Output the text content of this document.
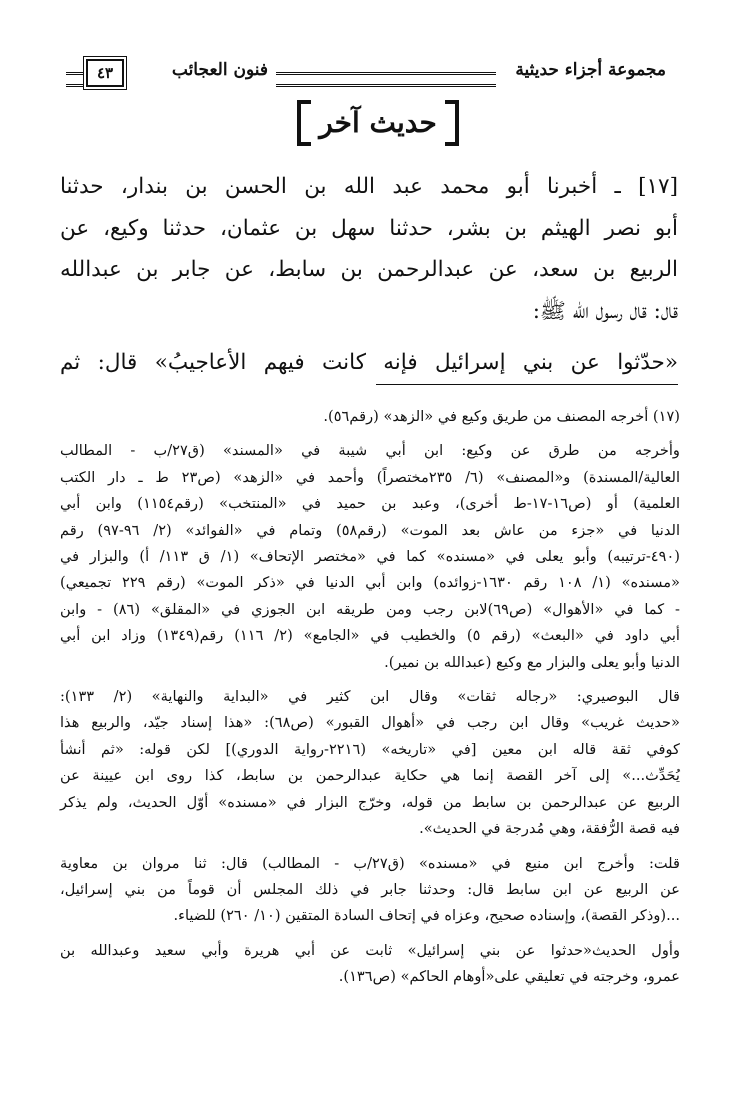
مجموعة أجزاء حديثية
فنون العجائب
٤٣
حديث آخر
[١٧] ـ أخبرنا أبو محمد عبد الله بن الحسن بن بندار، حدثنا
أبو نصر الهيثم بن بشر، حدثنا سهل بن عثمان، حدثنا وكيع، عن
الربيع بن سعد، عن عبدالرحمن بن سابط، عن جابر بن عبدالله
قال: قال رسول الله ﷺ:
«حدّثوا عن بني إسرائيل فإنه كانت فيهم الأعاجيبُ» قال: ثم

(١٧) أخرجه المصنف من طريق وكيع في «الزهد» (رقم٥٦).

وأخرجه من طرق عن وكيع: ابن أبي شيبة في «المسند» (ق٢٧/ب - المطالب
العالية/المسندة) و«المصنف» (٦/ ٢٣٥مختصراً) وأحمد في «الزهد» (ص٢٣ ط ـ دار الكتب
العلمية) أو (ص١٦-١٧-ط أخرى)، وعبد بن حميد في «المنتخب» (رقم١١٥٤) وابن أبي
الدنيا في «جزء من عاش بعد الموت» (رقم٥٨) وتمام في «الفوائد» (٢/ ٩٦-٩٧) رقم
(٤٩٠-ترتيبه) وأبو يعلى في «مسنده» كما في «مختصر الإتحاف» (١/ ق ١١٣/ أ) والبزار في
«مسنده» (١/ ١٠٨ رقم ١٦٣٠-زوائده) وابن أبي الدنيا في «ذكر الموت» (رقم ٢٢٩ تجميعي)
- كما في «الأهوال» (ص٦٩)لابن رجب ومن طريقه ابن الجوزي في «المقلق» (٨٦) - وابن
أبي داود في «البعث» (رقم ٥) والخطيب في «الجامع» (٢/ ١١٦) رقم(١٣٤٩) وزاد ابن أبي
الدنيا وأبو يعلى والبزار مع وكيع (عبدالله بن نمير).

قال البوصيري: «رجاله ثقات» وقال ابن كثير في «البداية والنهاية» (٢/ ١٣٣):
«حديث غريب» وقال ابن رجب في «أهوال القبور» (ص٦٨): «هذا إسناد جيّد، والربيع هذا
كوفي ثقة قاله ابن معين [في «تاريخه» (٢٢١٦-رواية الدوري)] لكن قوله: «ثم أنشأ
يُحَدِّث...» إلى آخر القصة إنما هي حكاية عبدالرحمن بن سابط، كذا روى ابن عيينة عن
الربيع عن عبدالرحمن بن سابط من قوله، وخرّج البزار في «مسنده» أوّل الحديث، ولم يذكر
فيه قصة الرُّفقة، وهي مُدرجة في الحديث».

قلت: وأخرج ابن منيع في «مسنده» (ق٢٧/ب - المطالب) قال: ثنا مروان بن معاوية
عن الربيع عن ابن سابط قال: وحدثنا جابر في ذلك المجلس أن قوماً من بني إسرائيل،
...(وذكر القصة)، وإسناده صحيح، وعزاه في إتحاف السادة المتقين (١٠/ ٢٦٠) للضياء.

وأول الحديث«حدثوا عن بني إسرائيل» ثابت عن أبي هريرة وأبي سعيد وعبدالله بن
عمرو، وخرجته في تعليقي على«أوهام الحاكم» (ص١٣٦).
